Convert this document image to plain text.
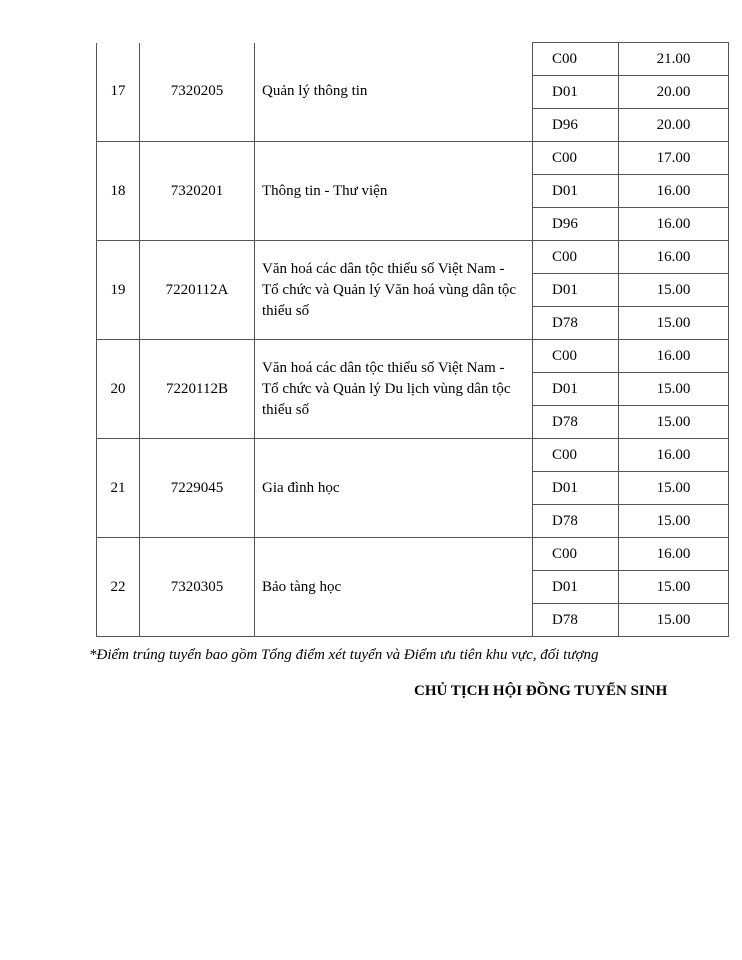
17	7320205	Quản lý thông tin	C00	21.00
			D01	20.00
			D96	20.00
18	7320201	Thông tin - Thư viện	C00	17.00
			D01	16.00
			D96	16.00
19	7220112A	Văn hoá các dân tộc thiểu số Việt Nam - Tổ chức và Quản lý Văn hoá vùng dân tộc thiểu số	C00	16.00
			D01	15.00
			D78	15.00
20	7220112B	Văn hoá các dân tộc thiểu số Việt Nam - Tổ chức và Quản lý Du lịch vùng dân tộc thiểu số	C00	16.00
			D01	15.00
			D78	15.00
21	7229045	Gia đình học	C00	16.00
			D01	15.00
			D78	15.00
22	7320305	Bảo tàng học	C00	16.00
			D01	15.00
			D78	15.00
*Điểm trúng tuyển bao gồm Tổng điểm xét tuyển và Điểm ưu tiên khu vực, đối tượng
CHỦ TỊCH HỘI ĐỒNG TUYỂN SINH
